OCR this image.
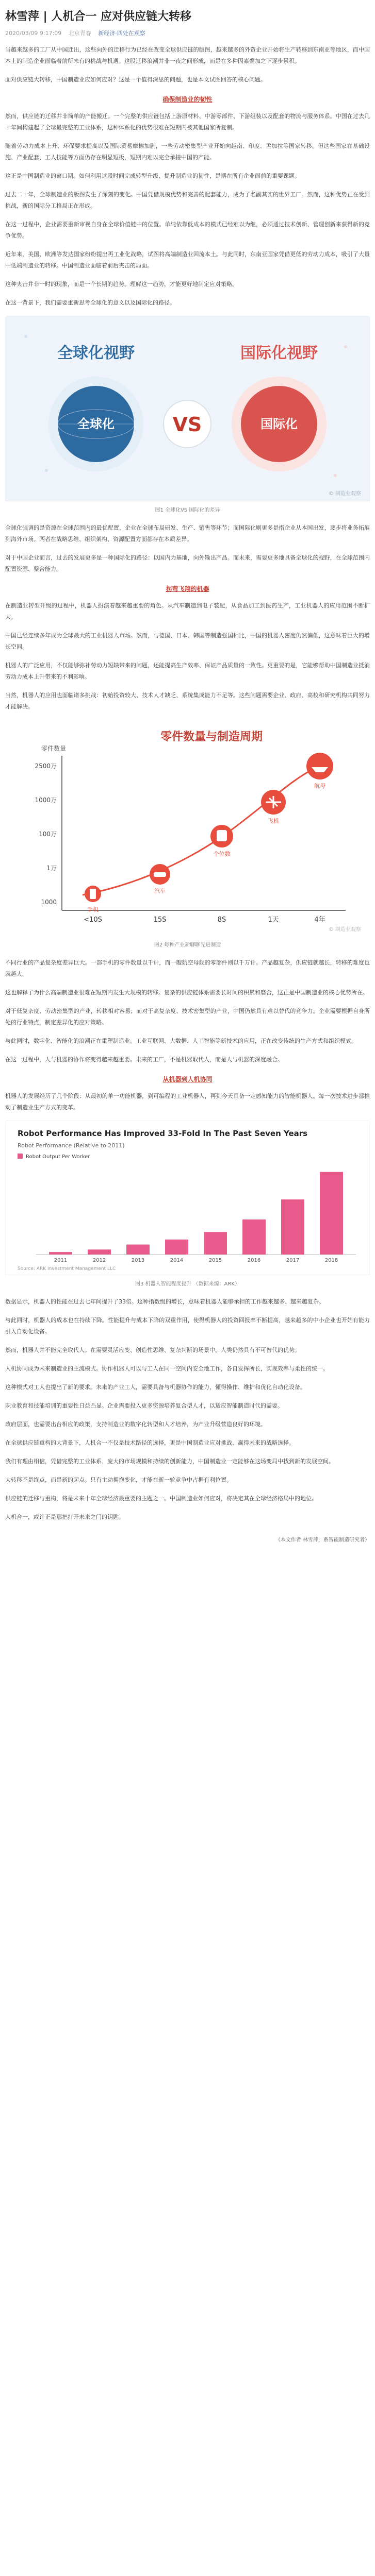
林雪萍 | 人机合一 应对供应链大转移
2020/03/09 9:17:09 北京青春 新经济·四处在观察

当越来越多的工厂从中国迁出，这些向外的迁移行为已经在改变全球供应链的版图，越来越多的外资企业开始将生产转移到东南亚等地区，而中国本土的制造企业面临着前所未有的挑战与机遇。这股迁移浪潮并非一夜之间形成，而是在多种因素叠加之下逐步累积。

面对供应链大转移，中国制造业应如何应对？这是一个值得深思的问题，也是本文试图回答的核心问题。

确保制造业的韧性

然而，供应链的迁移并非简单的产能搬迁。一个完整的供应链包括上游原材料、中游零部件、下游组装以及配套的物流与服务体系。中国在过去几十年间构建起了全球最完整的工业体系，这种体系化的优势很难在短期内被其他国家所复制。

随着劳动力成本上升、环保要求提高以及国际贸易摩擦加剧，一些劳动密集型产业开始向越南、印度、孟加拉等国家转移。但这些国家在基础设施、产业配套、工人技能等方面仍存在明显短板，短期内难以完全承接中国的产能。

这正是中国制造业的窗口期。如何利用这段时间完成转型升级，提升制造业的韧性，是摆在所有企业面前的重要课题。

过去二十年，全球制造业的版图发生了深刻的变化。中国凭借规模优势和完善的配套能力，成为了名副其实的世界工厂。然而，这种优势正在受到挑战，新的国际分工格局正在形成。

在这一过程中，企业需要重新审视自身在全球价值链中的位置。单纯依靠低成本的模式已经难以为继，必须通过技术创新、管理创新来获得新的竞争优势。

近年来，美国、欧洲等发达国家纷纷提出再工业化战略，试图将高端制造业回流本土。与此同时，东南亚国家凭借更低的劳动力成本，吸引了大量中低端制造业的转移。中国制造业面临着前后夹击的局面。

这种夹击并非一时的现象，而是一个长期的趋势。理解这一趋势，才能更好地制定应对策略。

在这一背景下，我们需要重新思考全球化的意义以及国际化的路径。

全球化视野
全球化	VS
国际化视野
国际化
© 制造业观察
图1 全球化VS 国际化的差异

全球化强调的是资源在全球范围内的最优配置，企业在全球布局研发、生产、销售等环节；而国际化则更多是指企业从本国出发，逐步将业务拓展到海外市场。两者在战略思维、组织架构、资源配置方面都存在本质差异。

对于中国企业而言，过去的发展更多是一种国际化的路径：以国内为基地，向外输出产品。而未来，需要更多地具备全球化的视野，在全球范围内配置资源、整合能力。

拐弯飞翔的机器

在制造业转型升级的过程中，机器人扮演着越来越重要的角色。从汽车制造到电子装配，从食品加工到医药生产，工业机器人的应用范围不断扩大。

中国已经连续多年成为全球最大的工业机器人市场。然而，与德国、日本、韩国等制造强国相比，中国的机器人密度仍然偏低，这意味着巨大的增长空间。

机器人的广泛应用，不仅能够弥补劳动力短缺带来的问题，还能提高生产效率、保证产品质量的一致性。更重要的是，它能够帮助中国制造业抵消劳动力成本上升带来的不利影响。

当然，机器人的应用也面临诸多挑战：初始投资较大、技术人才缺乏、系统集成能力不足等。这些问题需要企业、政府、高校和研究机构共同努力才能解决。

零件数量与制造周期
零件数量
2500万
1000万
100万
1万
1000
手机
汽车
个位数
飞机
航母
<10S	15S	8S	1天	4年
© 制造业观察
图2 每种产业新聊聊先进制造

不同行业的产品复杂度差异巨大。一部手机的零件数量以千计，而一艘航空母舰的零部件则以千万计。产品越复杂，供应链就越长，转移的难度也就越大。

这也解释了为什么高端制造业很难在短期内发生大规模的转移。复杂的供应链体系需要长时间的积累和磨合，这正是中国制造业的核心优势所在。

对于低复杂度、劳动密集型的产业，转移相对容易；而对于高复杂度、技术密集型的产业，中国仍然具有难以替代的竞争力。企业需要根据自身所处的行业特点，制定差异化的应对策略。

与此同时，数字化、智能化的浪潮正在重塑制造业。工业互联网、大数据、人工智能等新技术的应用，正在改变传统的生产方式和组织模式。

在这一过程中，人与机器的协作将变得越来越重要。未来的工厂，不是机器取代人，而是人与机器的深度融合。

从机器到人机协同

机器人的发展经历了几个阶段：从最初的单一功能机器，到可编程的工业机器人，再到今天具备一定感知能力的智能机器人。每一次技术进步都推动了制造业生产方式的变革。

Robot Performance Has Improved 33-Fold In The Past Seven Years
Robot Performance (Relative to 2011)
Robot Output Per Worker
2011	2012	2013	2014	2015	2016	2017	2018
Source: ARK Investment Management LLC
图3 机器人智能程度提升 （数据来源：ARK）

数据显示，机器人的性能在过去七年间提升了33倍。这种指数级的增长，意味着机器人能够承担的工作越来越多、越来越复杂。

与此同时，机器人的成本也在持续下降。性能提升与成本下降的双重作用，使得机器人的投资回报率不断提高，越来越多的中小企业也开始有能力引入自动化设备。

然而，机器人并不能完全取代人。在需要灵活应变、创造性思维、复杂判断的场景中，人类仍然具有不可替代的优势。

人机协同成为未来制造业的主流模式。协作机器人可以与工人在同一空间内安全地工作，各自发挥所长，实现效率与柔性的统一。

这种模式对工人也提出了新的要求。未来的产业工人，需要具备与机器协作的能力，懂得操作、维护和优化自动化设备。

职业教育和技能培训的重要性日益凸显。企业需要投入更多资源培养复合型人才，以适应智能制造时代的需要。

政府层面，也需要出台相应的政策，支持制造业的数字化转型和人才培养，为产业升级营造良好的环境。

在全球供应链重构的大背景下，人机合一不仅是技术路径的选择，更是中国制造业应对挑战、赢得未来的战略选择。

我们有理由相信，凭借完整的工业体系、庞大的市场规模和持续的创新能力，中国制造业一定能够在这场变局中找到新的发展空间。

大转移不是终点，而是新的起点。只有主动拥抱变化，才能在新一轮竞争中占据有利位置。

供应链的迁移与重构，将是未来十年全球经济最重要的主题之一。中国制造业如何应对，将决定其在全球经济格局中的地位。

人机合一，或许正是那把打开未来之门的钥匙。

（本文作者 林雪萍，系智能制造研究者）
